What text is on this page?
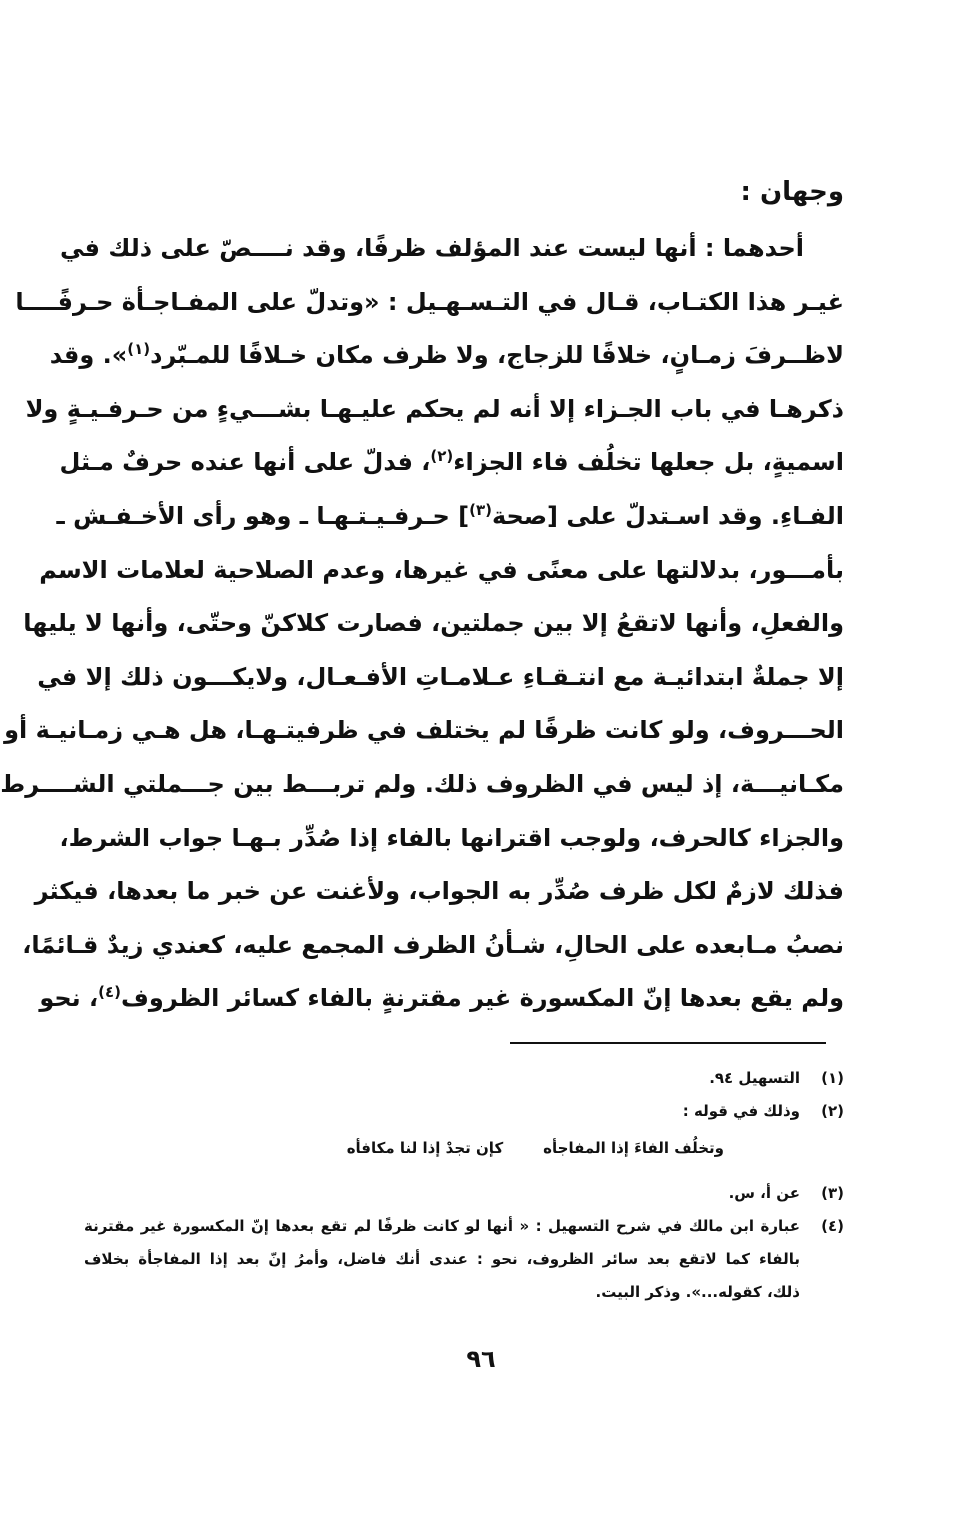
وجهان :
أحدهما : أنها ليست عند المؤلف ظرفًا، وقد نــــصّ على ذلك في
غيـر هذا الكتـاب، قـال في التـسـهـيل : «وتدلّ على المفـاجـأة حـرفًــــا
لاظــرفَ زمـانٍ، خلافًا للزجاج، ولا ظرف مكان خـلافًا للمـبّرد$^{(١)}$». وقد
ذكرهـا في باب الجـزاء إلا أنه لم يحكم عليـهـا بشـــيءٍ من حـرفـيـةٍ ولا
اسميةٍ، بل جعلها تخلُف فاء الجزاء$^{(٢)}$، فدلّ على أنها عنده حرفٌ مـثل
الفـاءِ. وقد اسـتدلّ على [صحة$^{(٣)}$] حـرفـيـتـهـا ـ وهو رأى الأخـفـش ـ
بأمـــور، بدلالتها على معنًى في غيرها، وعدم الصلاحية لعلامات الاسم
والفعلِ، وأنها لاتقعُ إلا بين جملتين، فصارت كلاكنّ وحتّى، وأنها لا يليها
إلا جملةٌ ابتدائيـة مع انتـقـاءِ عـلامـاتِ الأفـعـال، ولايكـــون ذلك إلا في
الحـــروف، ولو كانت ظرفًا لم يختلف في ظرفيتـهـا، هل هـي زمـانيـة أو
مكـانيـــة، إذ ليس في الظروف ذلك. ولم تربـــط بين جـــملتي الشــــرط
والجزاء كالحرف، ولوجب اقترانها بالفاء إذا صُدِّر بـهـا جواب الشرط،
فذلك لازمٌ لكل ظرف صُدِّر به الجواب، ولأغنت عن خبر ما بعدها، فيكثر
نصبُ مـابعده على الحالِ، شـأنُ الظرف المجمع عليه، كعندي زيدٌ قـائمًا،
ولم يقع بعدها إنّ المكسورة غير مقترنةٍ بالفاء كسائر الظروف$^{(٤)}$، نحو
(١)
التسهيل ٩٤.
(٢)
وذلك في قوله :
وتخلُف الفاءَ إذا المفاجأه
كإن تجدْ إذا لنا مكافأه
(٣)
عن أ، س.
(٤)
عبارة ابن مالك في شرح التسهيل : « أنها لو كانت ظرفًا لم تقع بعدها إنّ المكسورة غير مقترنة
بالفاء كما لاتقع بعد سائر الظروف، نحو : عندى أنك فاضل، وأمرُ إنّ بعد إذا المفاجأة بخلاف
ذلك، كقوله...». وذكر البيت.
٩٦
